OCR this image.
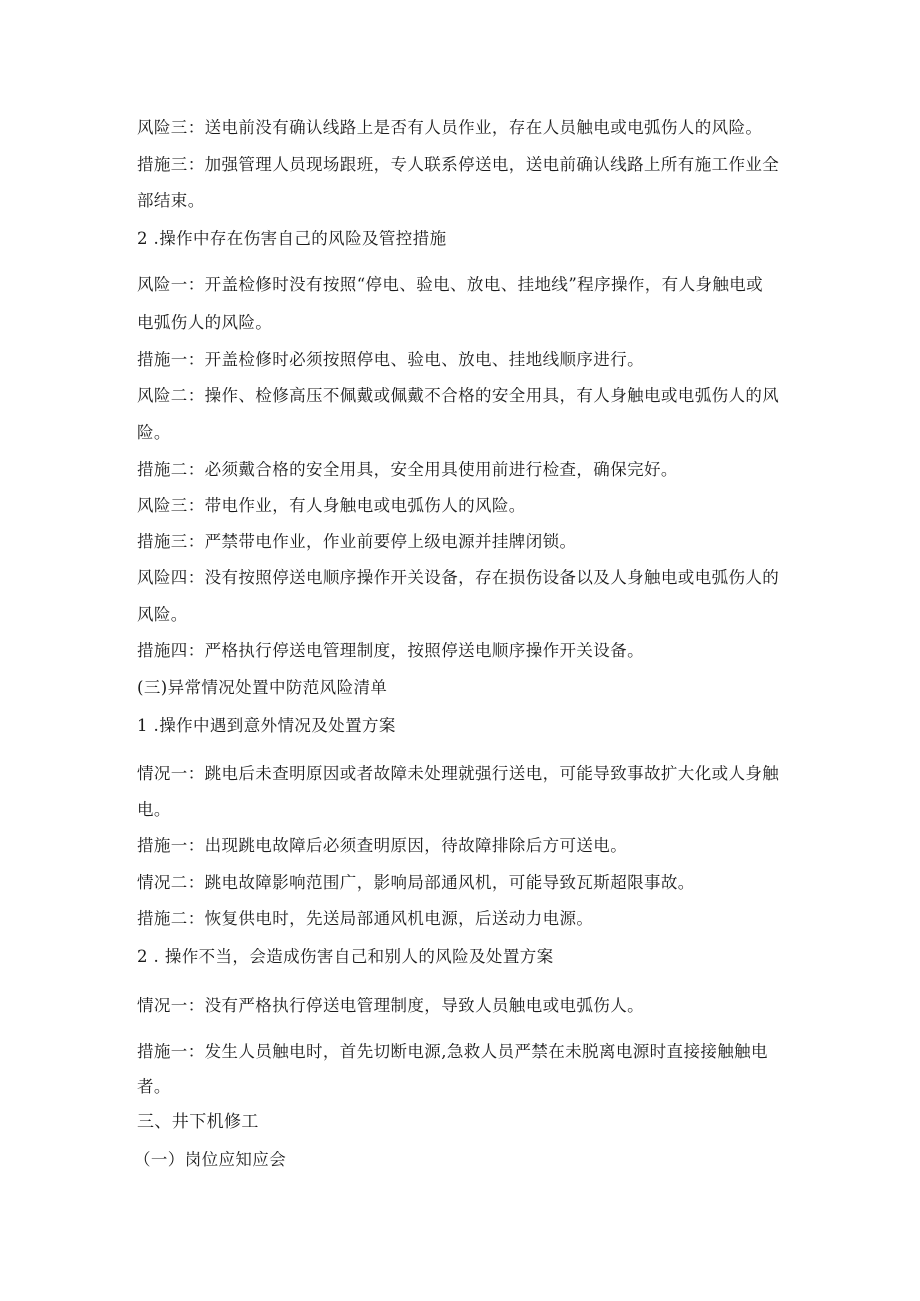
风险三：送电前没有确认线路上是否有人员作业，存在人员触电或电弧伤人的风险。
措施三：加强管理人员现场跟班，专人联系停送电，送电前确认线路上所有施工作业全
部结束。
2 .操作中存在伤害自己的风险及管控措施
风险一：开盖检修时没有按照“停电、验电、放电、挂地线”程序操作，有人身触电或
电弧伤人的风险。
措施一：开盖检修时必须按照停电、验电、放电、挂地线顺序进行。
风险二：操作、检修高压不佩戴或佩戴不合格的安全用具，有人身触电或电弧伤人的风
险。
措施二：必须戴合格的安全用具，安全用具使用前进行检查，确保完好。
风险三：带电作业，有人身触电或电弧伤人的风险。
措施三：严禁带电作业，作业前要停上级电源并挂牌闭锁。
风险四：没有按照停送电顺序操作开关设备，存在损伤设备以及人身触电或电弧伤人的
风险。
措施四：严格执行停送电管理制度，按照停送电顺序操作开关设备。
(三)异常情况处置中防范风险清单
1 .操作中遇到意外情况及处置方案
情况一：跳电后未查明原因或者故障未处理就强行送电，可能导致事故扩大化或人身触
电。
措施一：出现跳电故障后必须查明原因，待故障排除后方可送电。
情况二：跳电故障影响范围广，影响局部通风机，可能导致瓦斯超限事故。
措施二：恢复供电时，先送局部通风机电源，后送动力电源。
2 . 操作不当，会造成伤害自己和别人的风险及处置方案
情况一：没有严格执行停送电管理制度，导致人员触电或电弧伤人。
措施一：发生人员触电时，首先切断电源,急救人员严禁在未脱离电源时直接接触触电
者。
三、井下机修工
（一）岗位应知应会
